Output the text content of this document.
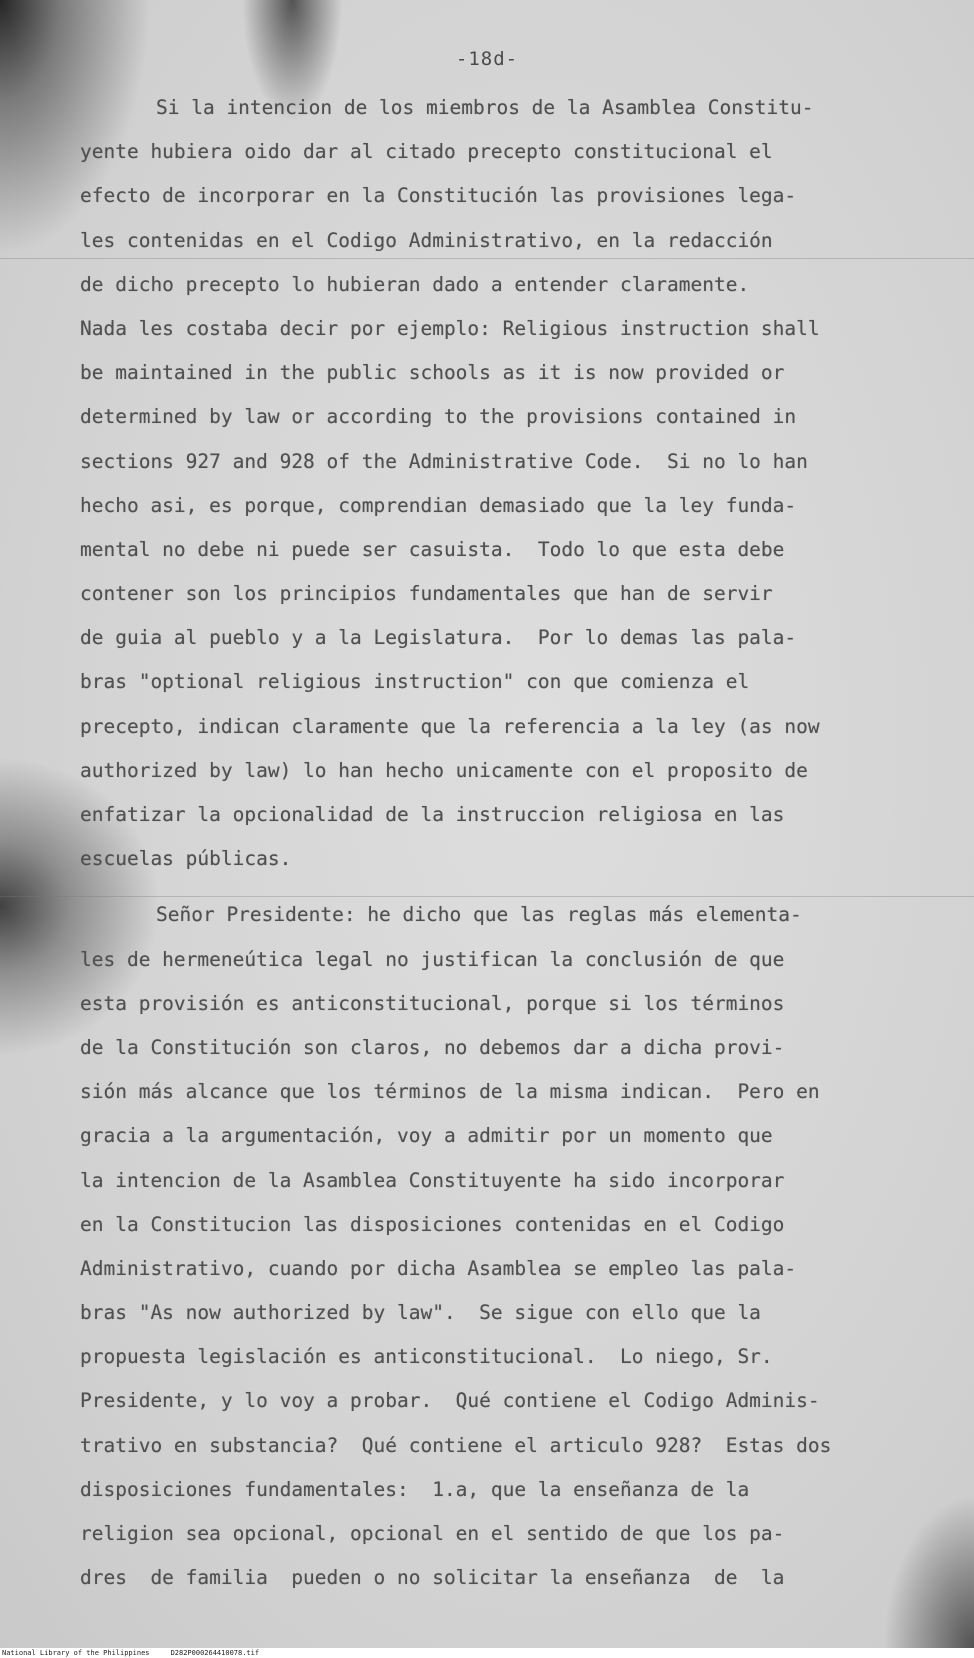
-18d-
Si la intencion de los miembros de la Asamblea Constitu-
yente hubiera oido dar al citado precepto constitucional el
efecto de incorporar en la Constitución las provisiones lega-
les contenidas en el Codigo Administrativo, en la redacción
de dicho precepto lo hubieran dado a entender claramente.
Nada les costaba decir por ejemplo: Religious instruction shall
be maintained in the public schools as it is now provided or
determined by law or according to the provisions contained in
sections 927 and 928 of the Administrative Code.  Si no lo han
hecho asi, es porque, comprendian demasiado que la ley funda-
mental no debe ni puede ser casuista.  Todo lo que esta debe
contener son los principios fundamentales que han de servir
de guia al pueblo y a la Legislatura.  Por lo demas las pala-
bras "optional religious instruction" con que comienza el
precepto, indican claramente que la referencia a la ley (as now
authorized by law) lo han hecho unicamente con el proposito de
enfatizar la opcionalidad de la instruccion religiosa en las
escuelas públicas.
Señor Presidente: he dicho que las reglas más elementa-
les de hermeneútica legal no justifican la conclusión de que
esta provisión es anticonstitucional, porque si los términos
de la Constitución son claros, no debemos dar a dicha provi-
sión más alcance que los términos de la misma indican.  Pero en
gracia a la argumentación, voy a admitir por un momento que
la intencion de la Asamblea Constituyente ha sido incorporar
en la Constitucion las disposiciones contenidas en el Codigo
Administrativo, cuando por dicha Asamblea se empleo las pala-
bras "As now authorized by law".  Se sigue con ello que la
propuesta legislación es anticonstitucional.  Lo niego, Sr.
Presidente, y lo voy a probar.  Qué contiene el Codigo Adminis-
trativo en substancia?  Qué contiene el articulo 928?  Estas dos
disposiciones fundamentales:  1.a, que la enseñanza de la
religion sea opcional, opcional en el sentido de que los pa-
dres  de familia  pueden o no solicitar la enseñanza  de  la
National Library of the Philippines     D282P000264410078.tif
